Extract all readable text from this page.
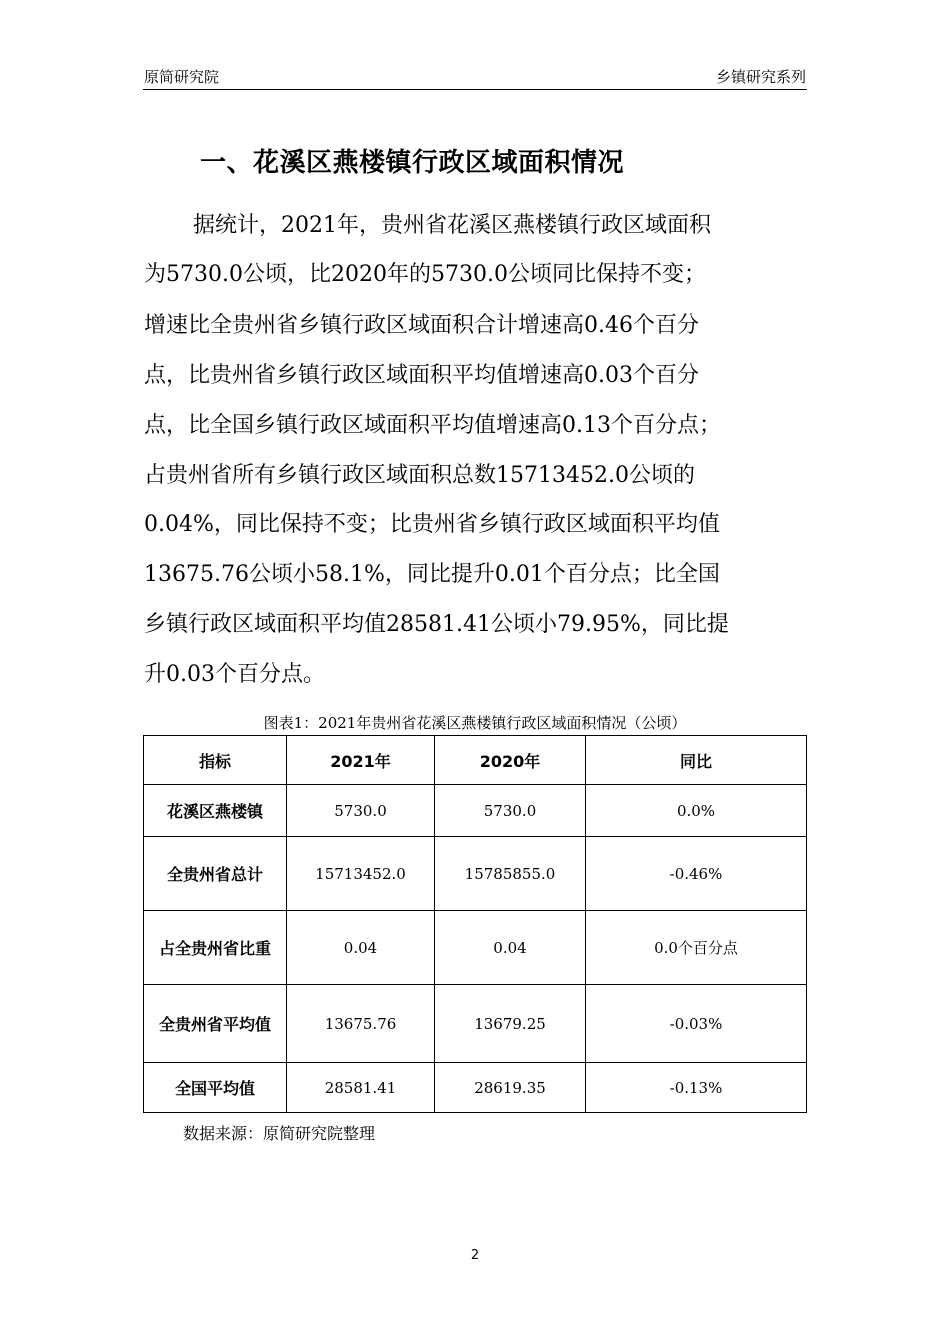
原简研究院	乡镇研究系列
一、花溪区燕楼镇行政区域面积情况
据统计，2021年，贵州省花溪区燕楼镇行政区域面积
为5730.0公顷，比2020年的5730.0公顷同比保持不变；
增速比全贵州省乡镇行政区域面积合计增速高0.46个百分
点，比贵州省乡镇行政区域面积平均值增速高0.03个百分
点，比全国乡镇行政区域面积平均值增速高0.13个百分点；
占贵州省所有乡镇行政区域面积总数15713452.0公顷的
0.04%，同比保持不变；比贵州省乡镇行政区域面积平均值
13675.76公顷小58.1%，同比提升0.01个百分点；比全国
乡镇行政区域面积平均值28581.41公顷小79.95%，同比提
升0.03个百分点。
图表1：2021年贵州省花溪区燕楼镇行政区域面积情况（公顷）
指标	2021年	2020年	同比
花溪区燕楼镇	5730.0	5730.0	0.0%
全贵州省总计	15713452.0	15785855.0	-0.46%
占全贵州省比重	0.04	0.04	0.0个百分点
全贵州省平均值	13675.76	13679.25	-0.03%
全国平均值	28581.41	28619.35	-0.13%
数据来源：原简研究院整理
2
